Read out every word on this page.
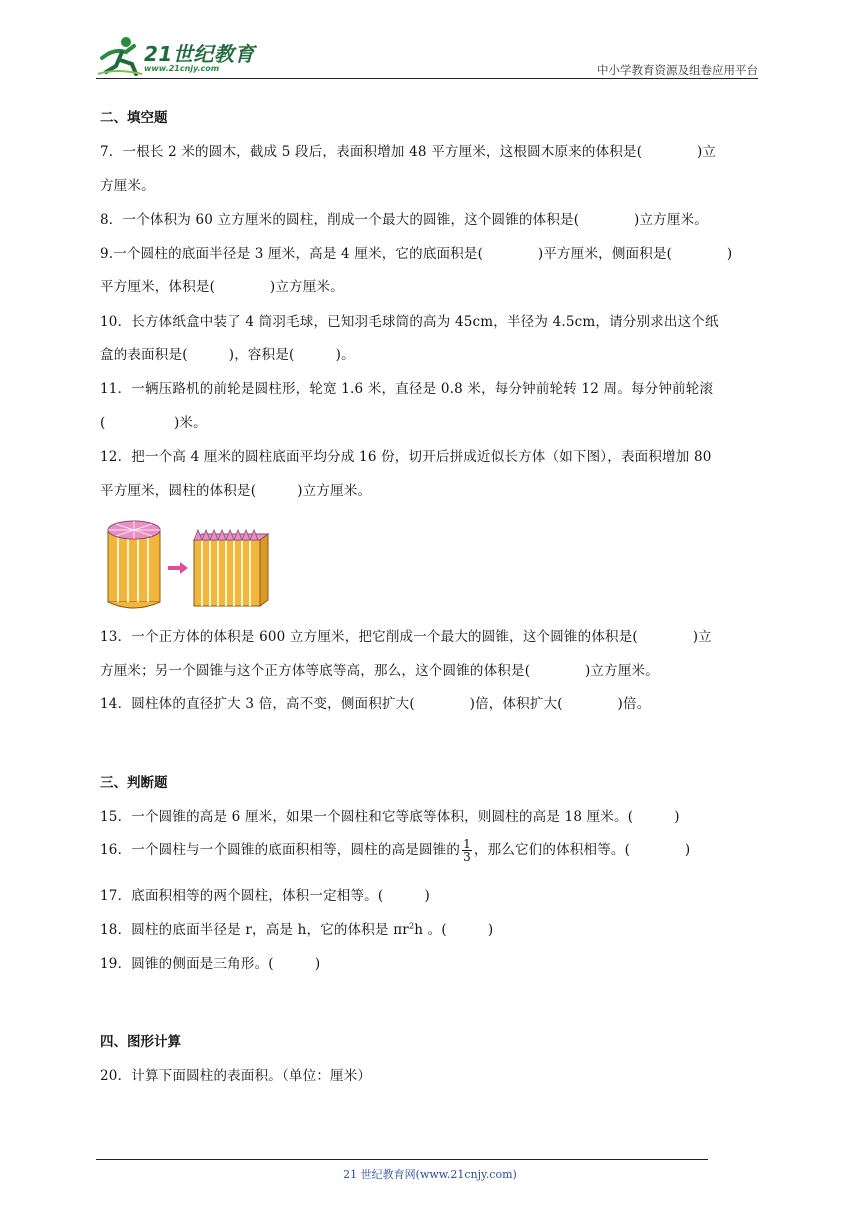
21世纪教育
www.21cnjy.com	中小学教育资源及组卷应用平台
二、填空题
7．一根长 2 米的圆木，截成 5 段后，表面积增加 48 平方厘米，这根圆木原来的体积是(　　　　)立
方厘米。
8．一个体积为 60 立方厘米的圆柱，削成一个最大的圆锥，这个圆锥的体积是(　　　　)立方厘米。
9.一个圆柱的底面半径是 3 厘米，高是 4 厘米，它的底面积是(　　　　)平方厘米，侧面积是(　　　　)
平方厘米，体积是(　　　　)立方厘米。
10．长方体纸盒中装了 4 筒羽毛球，已知羽毛球筒的高为 45cm，半径为 4.5cm，请分别求出这个纸
盒的表面积是(　　　)，容积是(　　　)。
11．一辆压路机的前轮是圆柱形，轮宽 1.6 米，直径是 0.8 米，每分钟前轮转 12 周。每分钟前轮滚
(　　　　　)米。
12．把一个高 4 厘米的圆柱底面平均分成 16 份，切开后拼成近似长方体（如下图），表面积增加 80
平方厘米，圆柱的体积是(　　　)立方厘米。
13．一个正方体的体积是 600 立方厘米，把它削成一个最大的圆锥，这个圆锥的体积是(　　　　)立
方厘米；另一个圆锥与这个正方体等底等高，那么，这个圆锥的体积是(　　　　)立方厘米。
14．圆柱体的直径扩大 3 倍，高不变，侧面积扩大(　　　　)倍，体积扩大(　　　　)倍。
三、判断题
15．一个圆锥的高是 6 厘米，如果一个圆柱和它等底等体积，则圆柱的高是 18 厘米。(　　　)
16．一个圆柱与一个圆锥的底面积相等，圆柱的高是圆锥的 $\frac{1}{3}$ ，那么它们的体积相等。(　　　　)
17．底面积相等的两个圆柱，体积一定相等。(　　　)
18．圆柱的底面半径是 r，高是 h，它的体积是 $\pi r^2h$ 。(　　　)
19．圆锥的侧面是三角形。(　　　)
四、图形计算
20．计算下面圆柱的表面积。（单位：厘米）
21 世纪教育网(www.21cnjy.com)
